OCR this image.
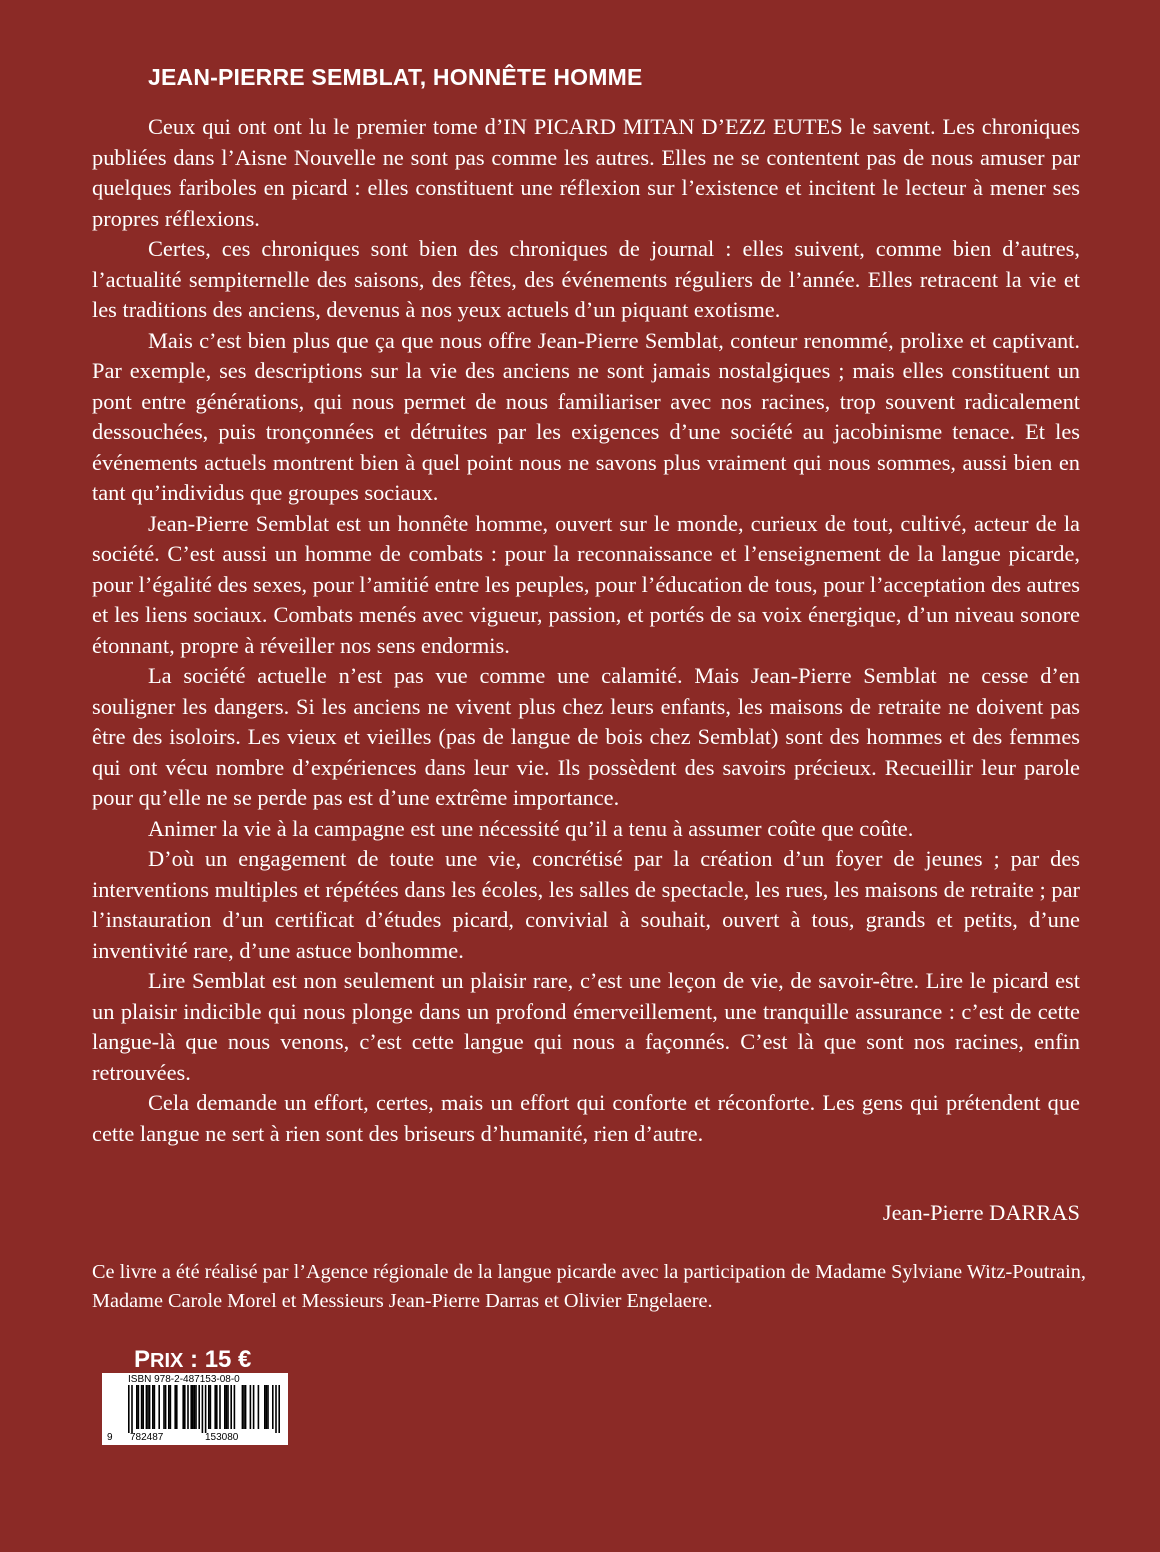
JEAN-PIERRE SEMBLAT, HONNÊTE HOMME

Ceux qui ont ont lu le premier tome d’IN PICARD MITAN D’EZZ EUTES le savent. Les chroniques publiées dans l’Aisne Nouvelle ne sont pas comme les autres. Elles ne se contentent pas de nous amuser par quelques fariboles en picard : elles constituent une réflexion sur l’existence et incitent le lecteur à mener ses propres réflexions.

Certes, ces chroniques sont bien des chroniques de journal : elles suivent, comme bien d’autres, l’actualité sempiternelle des saisons, des fêtes, des événements réguliers de l’année. Elles retracent la vie et les traditions des anciens, devenus à nos yeux actuels d’un piquant exotisme.

Mais c’est bien plus que ça que nous offre Jean-Pierre Semblat, conteur renommé, prolixe et captivant. Par exemple, ses descriptions sur la vie des anciens ne sont jamais nostalgiques ; mais elles constituent un pont entre générations, qui nous permet de nous familiariser avec nos racines, trop souvent radicalement dessouchées, puis tronçonnées et détruites par les exigences d’une société au jacobinisme tenace. Et les événements actuels montrent bien à quel point nous ne savons plus vraiment qui nous sommes, aussi bien en tant qu’individus que groupes sociaux.

Jean-Pierre Semblat est un honnête homme, ouvert sur le monde, curieux de tout, cultivé, acteur de la société. C’est aussi un homme de combats : pour la reconnaissance et l’enseignement de la langue picarde, pour l’égalité des sexes, pour l’amitié entre les peuples, pour l’éducation de tous, pour l’acceptation des autres et les liens sociaux. Combats menés avec vigueur, passion, et portés de sa voix énergique, d’un niveau sonore étonnant, propre à réveiller nos sens endormis.

La société actuelle n’est pas vue comme une calamité. Mais Jean-Pierre Semblat ne cesse d’en souligner les dangers. Si les anciens ne vivent plus chez leurs enfants, les maisons de retraite ne doivent pas être des isoloirs. Les vieux et vieilles (pas de langue de bois chez Semblat) sont des hommes et des femmes qui ont vécu nombre d’expériences dans leur vie. Ils possèdent des savoirs précieux. Recueillir leur parole pour qu’elle ne se perde pas est d’une extrême importance.

Animer la vie à la campagne est une nécessité qu’il a tenu à assumer coûte que coûte.

D’où un engagement de toute une vie, concrétisé par la création d’un foyer de jeunes ; par des interventions multiples et répétées dans les écoles, les salles de spectacle, les rues, les maisons de retraite ; par l’instauration d’un certificat d’études picard, convivial à souhait, ouvert à tous, grands et petits, d’une inventivité rare, d’une astuce bonhomme.

Lire Semblat est non seulement un plaisir rare, c’est une leçon de vie, de savoir-être. Lire le picard est un plaisir indicible qui nous plonge dans un profond émerveillement, une tranquille assurance : c’est de cette langue-là que nous venons, c’est cette langue qui nous a façonnés. C’est là que sont nos racines, enfin retrouvées.

Cela demande un effort, certes, mais un effort qui conforte et réconforte. Les gens qui prétendent que cette langue ne sert à rien sont des briseurs d’humanité, rien d’autre.

Jean-Pierre DARRAS

Ce livre a été réalisé par l’Agence régionale de la langue picarde avec la participation de Madame Sylviane Witz-Poutrain, Madame Carole Morel et Messieurs Jean-Pierre Darras et Olivier Engelaere.

PRIX : 15 €

ISBN 978-2-487153-08-0
9 782487	153080
